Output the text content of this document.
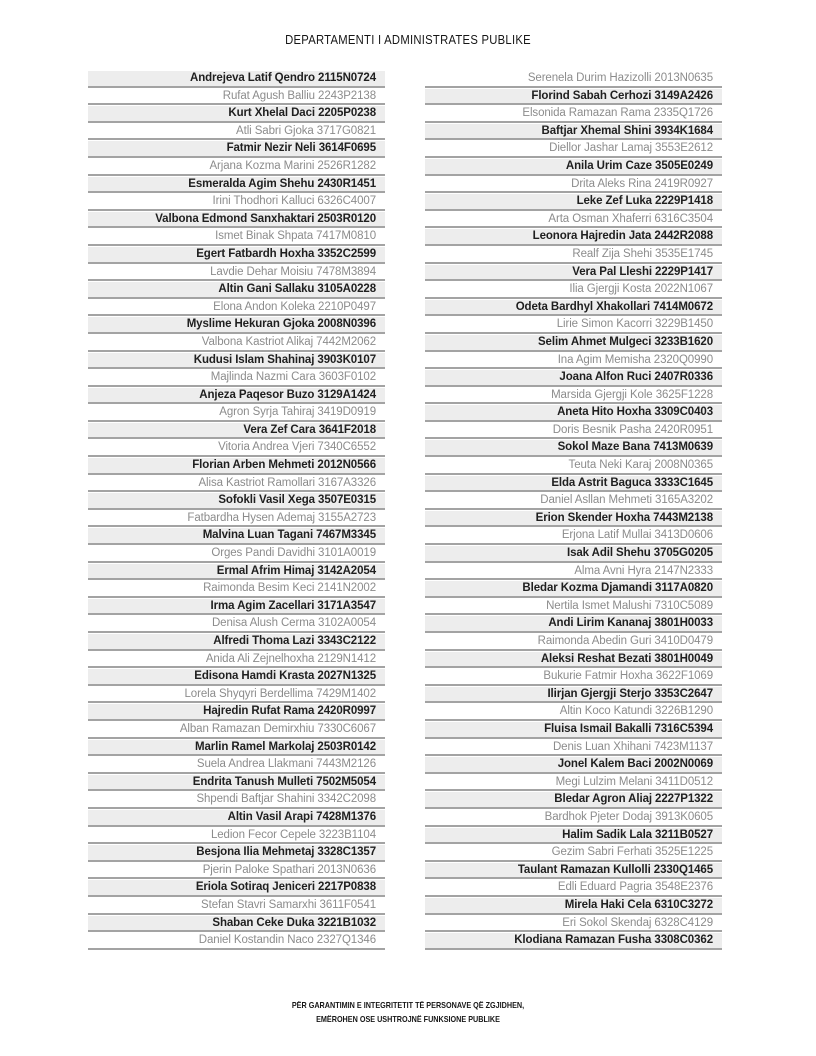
DEPARTAMENTI I ADMINISTRATES PUBLIKE
Andrejeva Latif Qendro 2115N0724
Rufat Agush Balliu 2243P2138
Kurt Xhelal Daci 2205P0238
Atli Sabri Gjoka 3717G0821
Fatmir Nezir Neli 3614F0695
Arjana Kozma Marini 2526R1282
Esmeralda Agim Shehu 2430R1451
Irini Thodhori Kalluci 6326C4007
Valbona Edmond Sanxhaktari 2503R0120
Ismet Binak Shpata 7417M0810
Egert Fatbardh Hoxha 3352C2599
Lavdie Dehar Moisiu 7478M3894
Altin Gani Sallaku 3105A0228
Elona Andon Koleka 2210P0497
Myslime Hekuran Gjoka 2008N0396
Valbona Kastriot Alikaj 7442M2062
Kudusi Islam Shahinaj 3903K0107
Majlinda Nazmi Cara 3603F0102
Anjeza Paqesor Buzo 3129A1424
Agron Syrja Tahiraj 3419D0919
Vera Zef Cara 3641F2018
Vitoria Andrea Vjeri 7340C6552
Florian Arben Mehmeti 2012N0566
Alisa Kastriot Ramollari 3167A3326
Sofokli Vasil Xega 3507E0315
Fatbardha Hysen Ademaj 3155A2723
Malvina Luan Tagani 7467M3345
Orges Pandi Davidhi 3101A0019
Ermal Afrim Himaj 3142A2054
Raimonda Besim Keci 2141N2002
Irma Agim Zacellari 3171A3547
Denisa Alush Cerma 3102A0054
Alfredi Thoma Lazi 3343C2122
Anida Ali Zejnelhoxha 2129N1412
Edisona Hamdi Krasta 2027N1325
Lorela Shyqyri Berdellima 7429M1402
Hajredin Rufat Rama 2420R0997
Alban Ramazan Demirxhiu 7330C6067
Marlin Ramel Markolaj 2503R0142
Suela Andrea Llakmani 7443M2126
Endrita Tanush Mulleti 7502M5054
Shpendi Baftjar Shahini 3342C2098
Altin Vasil Arapi 7428M1376
Ledion Fecor Cepele 3223B1104
Besjona Ilia Mehmetaj 3328C1357
Pjerin Paloke Spathari 2013N0636
Eriola Sotiraq Jeniceri 2217P0838
Stefan Stavri Samarxhi 3611F0541
Shaban Ceke Duka 3221B1032
Daniel Kostandin Naco 2327Q1346
Serenela Durim Hazizolli 2013N0635
Florind Sabah Cerhozi 3149A2426
Elsonida Ramazan Rama 2335Q1726
Baftjar Xhemal Shini 3934K1684
Diellor Jashar Lamaj 3553E2612
Anila Urim Caze 3505E0249
Drita Aleks Rina 2419R0927
Leke Zef Luka 2229P1418
Arta Osman Xhaferri 6316C3504
Leonora Hajredin Jata 2442R2088
Realf Zija Shehi 3535E1745
Vera Pal Lleshi 2229P1417
Ilia Gjergji Kosta 2022N1067
Odeta Bardhyl Xhakollari 7414M0672
Lirie Simon Kacorri 3229B1450
Selim Ahmet Mulgeci 3233B1620
Ina Agim Memisha 2320Q0990
Joana Alfon Ruci 2407R0336
Marsida Gjergji Kole 3625F1228
Aneta Hito Hoxha 3309C0403
Doris Besnik Pasha 2420R0951
Sokol Maze Bana 7413M0639
Teuta Neki Karaj 2008N0365
Elda Astrit Baguca 3333C1645
Daniel Asllan Mehmeti 3165A3202
Erion Skender Hoxha 7443M2138
Erjona Latif Mullai 3413D0606
Isak Adil Shehu 3705G0205
Alma Avni Hyra 2147N2333
Bledar Kozma Djamandi 3117A0820
Nertila Ismet Malushi 7310C5089
Andi Lirim Kananaj 3801H0033
Raimonda Abedin Guri 3410D0479
Aleksi Reshat Bezati 3801H0049
Bukurie Fatmir Hoxha 3622F1069
Ilirjan Gjergji Sterjo 3353C2647
Altin Koco Katundi 3226B1290
Fluisa Ismail Bakalli 7316C5394
Denis Luan Xhihani 7423M1137
Jonel Kalem Baci 2002N0069
Megi Lulzim Melani 3411D0512
Bledar Agron Aliaj 2227P1322
Bardhok Pjeter Dodaj 3913K0605
Halim Sadik Lala 3211B0527
Gezim Sabri Ferhati 3525E1225
Taulant Ramazan Kullolli 2330Q1465
Edli Eduard Pagria 3548E2376
Mirela Haki Cela 6310C3272
Eri Sokol Skendaj 6328C4129
Klodiana Ramazan Fusha 3308C0362
PËR GARANTIMIN E INTEGRITETIT TË PERSONAVE QË ZGJIDHEN,
EMËROHEN OSE USHTROJNË FUNKSIONE PUBLIKE
